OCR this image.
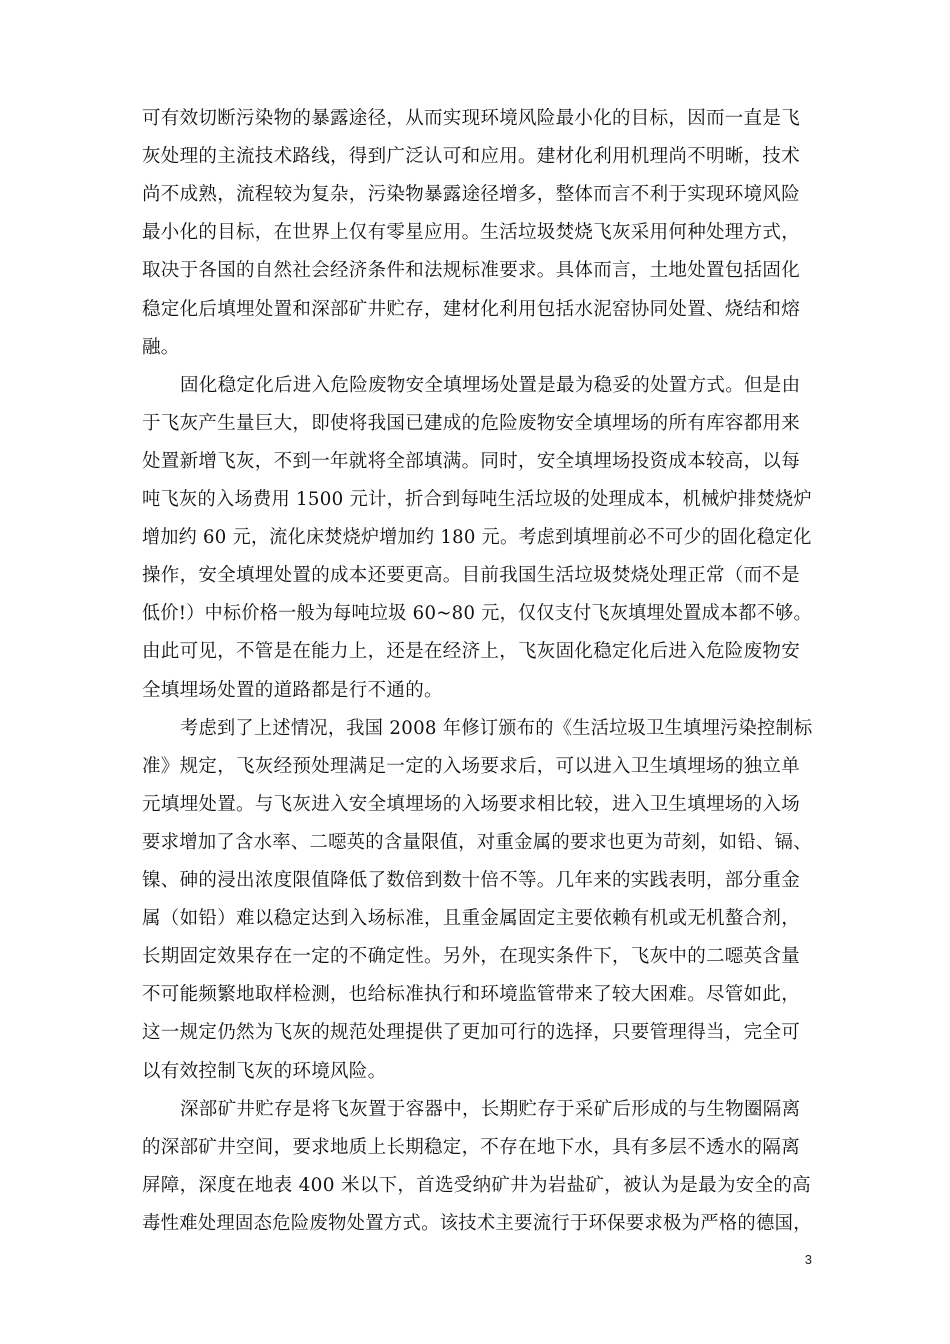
可有效切断污染物的暴露途径，从而实现环境风险最小化的目标，因而一直是飞
灰处理的主流技术路线，得到广泛认可和应用。建材化利用机理尚不明晰，技术
尚不成熟，流程较为复杂，污染物暴露途径增多，整体而言不利于实现环境风险
最小化的目标，在世界上仅有零星应用。生活垃圾焚烧飞灰采用何种处理方式，
取决于各国的自然社会经济条件和法规标准要求。具体而言，土地处置包括固化
稳定化后填埋处置和深部矿井贮存，建材化利用包括水泥窑协同处置、烧结和熔
融。
固化稳定化后进入危险废物安全填埋场处置是最为稳妥的处置方式。但是由
于飞灰产生量巨大，即使将我国已建成的危险废物安全填埋场的所有库容都用来
处置新增飞灰，不到一年就将全部填满。同时，安全填埋场投资成本较高，以每
吨飞灰的入场费用 1500 元计，折合到每吨生活垃圾的处理成本，机械炉排焚烧炉
增加约 60 元，流化床焚烧炉增加约 180 元。考虑到填埋前必不可少的固化稳定化
操作，安全填埋处置的成本还要更高。目前我国生活垃圾焚烧处理正常（而不是
低价!）中标价格一般为每吨垃圾 60~80 元，仅仅支付飞灰填埋处置成本都不够。
由此可见，不管是在能力上，还是在经济上，飞灰固化稳定化后进入危险废物安
全填埋场处置的道路都是行不通的。
考虑到了上述情况，我国 2008 年修订颁布的《生活垃圾卫生填埋污染控制标
准》规定，飞灰经预处理满足一定的入场要求后，可以进入卫生填埋场的独立单
元填埋处置。与飞灰进入安全填埋场的入场要求相比较，进入卫生填埋场的入场
要求增加了含水率、二噁英的含量限值，对重金属的要求也更为苛刻，如铅、镉、
镍、砷的浸出浓度限值降低了数倍到数十倍不等。几年来的实践表明，部分重金
属（如铅）难以稳定达到入场标准，且重金属固定主要依赖有机或无机螯合剂，
长期固定效果存在一定的不确定性。另外，在现实条件下，飞灰中的二噁英含量
不可能频繁地取样检测，也给标准执行和环境监管带来了较大困难。尽管如此，
这一规定仍然为飞灰的规范处理提供了更加可行的选择，只要管理得当，完全可
以有效控制飞灰的环境风险。
深部矿井贮存是将飞灰置于容器中，长期贮存于采矿后形成的与生物圈隔离
的深部矿井空间，要求地质上长期稳定，不存在地下水，具有多层不透水的隔离
屏障，深度在地表 400 米以下，首选受纳矿井为岩盐矿，被认为是最为安全的高
毒性难处理固态危险废物处置方式。该技术主要流行于环保要求极为严格的德国，
3
